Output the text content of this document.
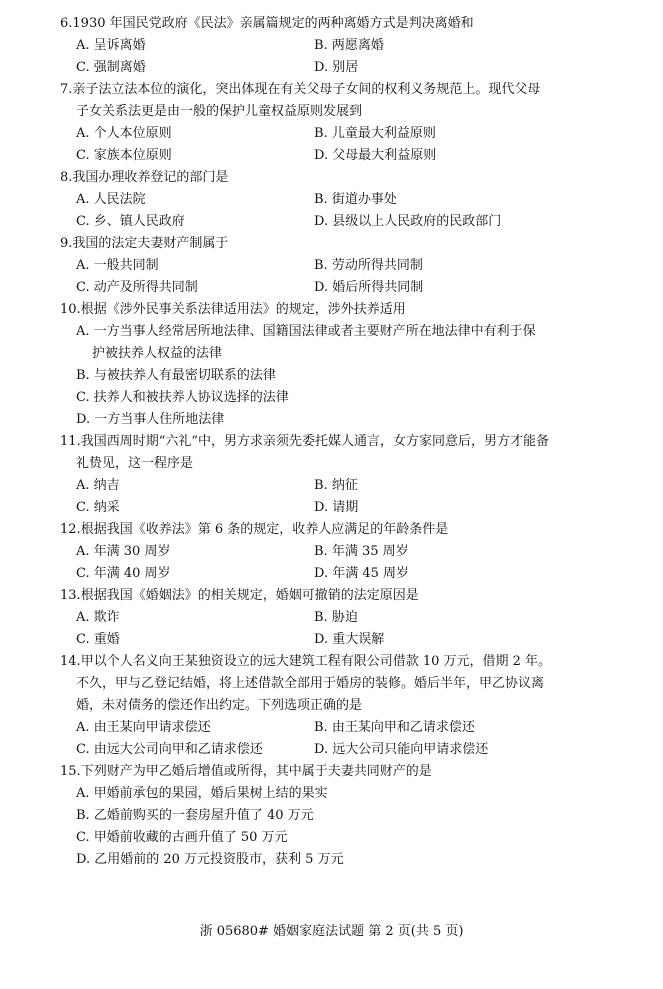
6.1930 年国民党政府《民法》亲属篇规定的两种离婚方式是判决离婚和
A. 呈诉离婚	B. 两愿离婚
C. 强制离婚	D. 别居
7.亲子法立法本位的演化，突出体现在有关父母子女间的权利义务规范上。现代父母
子女关系法更是由一般的保护儿童权益原则发展到
A. 个人本位原则	B. 儿童最大利益原则
C. 家族本位原则	D. 父母最大利益原则
8.我国办理收养登记的部门是
A. 人民法院	B. 街道办事处
C. 乡、镇人民政府	D. 县级以上人民政府的民政部门
9.我国的法定夫妻财产制属于
A. 一般共同制	B. 劳动所得共同制
C. 动产及所得共同制	D. 婚后所得共同制
10.根据《涉外民事关系法律适用法》的规定，涉外扶养适用
A. 一方当事人经常居所地法律、国籍国法律或者主要财产所在地法律中有利于保
护被扶养人权益的法律
B. 与被扶养人有最密切联系的法律
C. 扶养人和被扶养人协议选择的法律
D. 一方当事人住所地法律
11.我国西周时期“六礼”中，男方求亲须先委托媒人通言，女方家同意后，男方才能备
礼贽见，这一程序是
A. 纳吉	B. 纳征
C. 纳采	D. 请期
12.根据我国《收养法》第 6 条的规定，收养人应满足的年龄条件是
A. 年满 30 周岁	B. 年满 35 周岁
C. 年满 40 周岁	D. 年满 45 周岁
13.根据我国《婚姻法》的相关规定，婚姻可撤销的法定原因是
A. 欺诈	B. 胁迫
C. 重婚	D. 重大误解
14.甲以个人名义向王某独资设立的远大建筑工程有限公司借款 10 万元，借期 2 年。
不久，甲与乙登记结婚，将上述借款全部用于婚房的装修。婚后半年，甲乙协议离
婚，未对债务的偿还作出约定。下列选项正确的是
A. 由王某向甲请求偿还	B. 由王某向甲和乙请求偿还
C. 由远大公司向甲和乙请求偿还	D. 远大公司只能向甲请求偿还
15.下列财产为甲乙婚后增值或所得，其中属于夫妻共同财产的是
A. 甲婚前承包的果园，婚后果树上结的果实
B. 乙婚前购买的一套房屋升值了 40 万元
C. 甲婚前收藏的古画升值了 50 万元
D. 乙用婚前的 20 万元投资股市，获利 5 万元
浙 05680# 婚姻家庭法试题 第 2 页(共 5 页)
